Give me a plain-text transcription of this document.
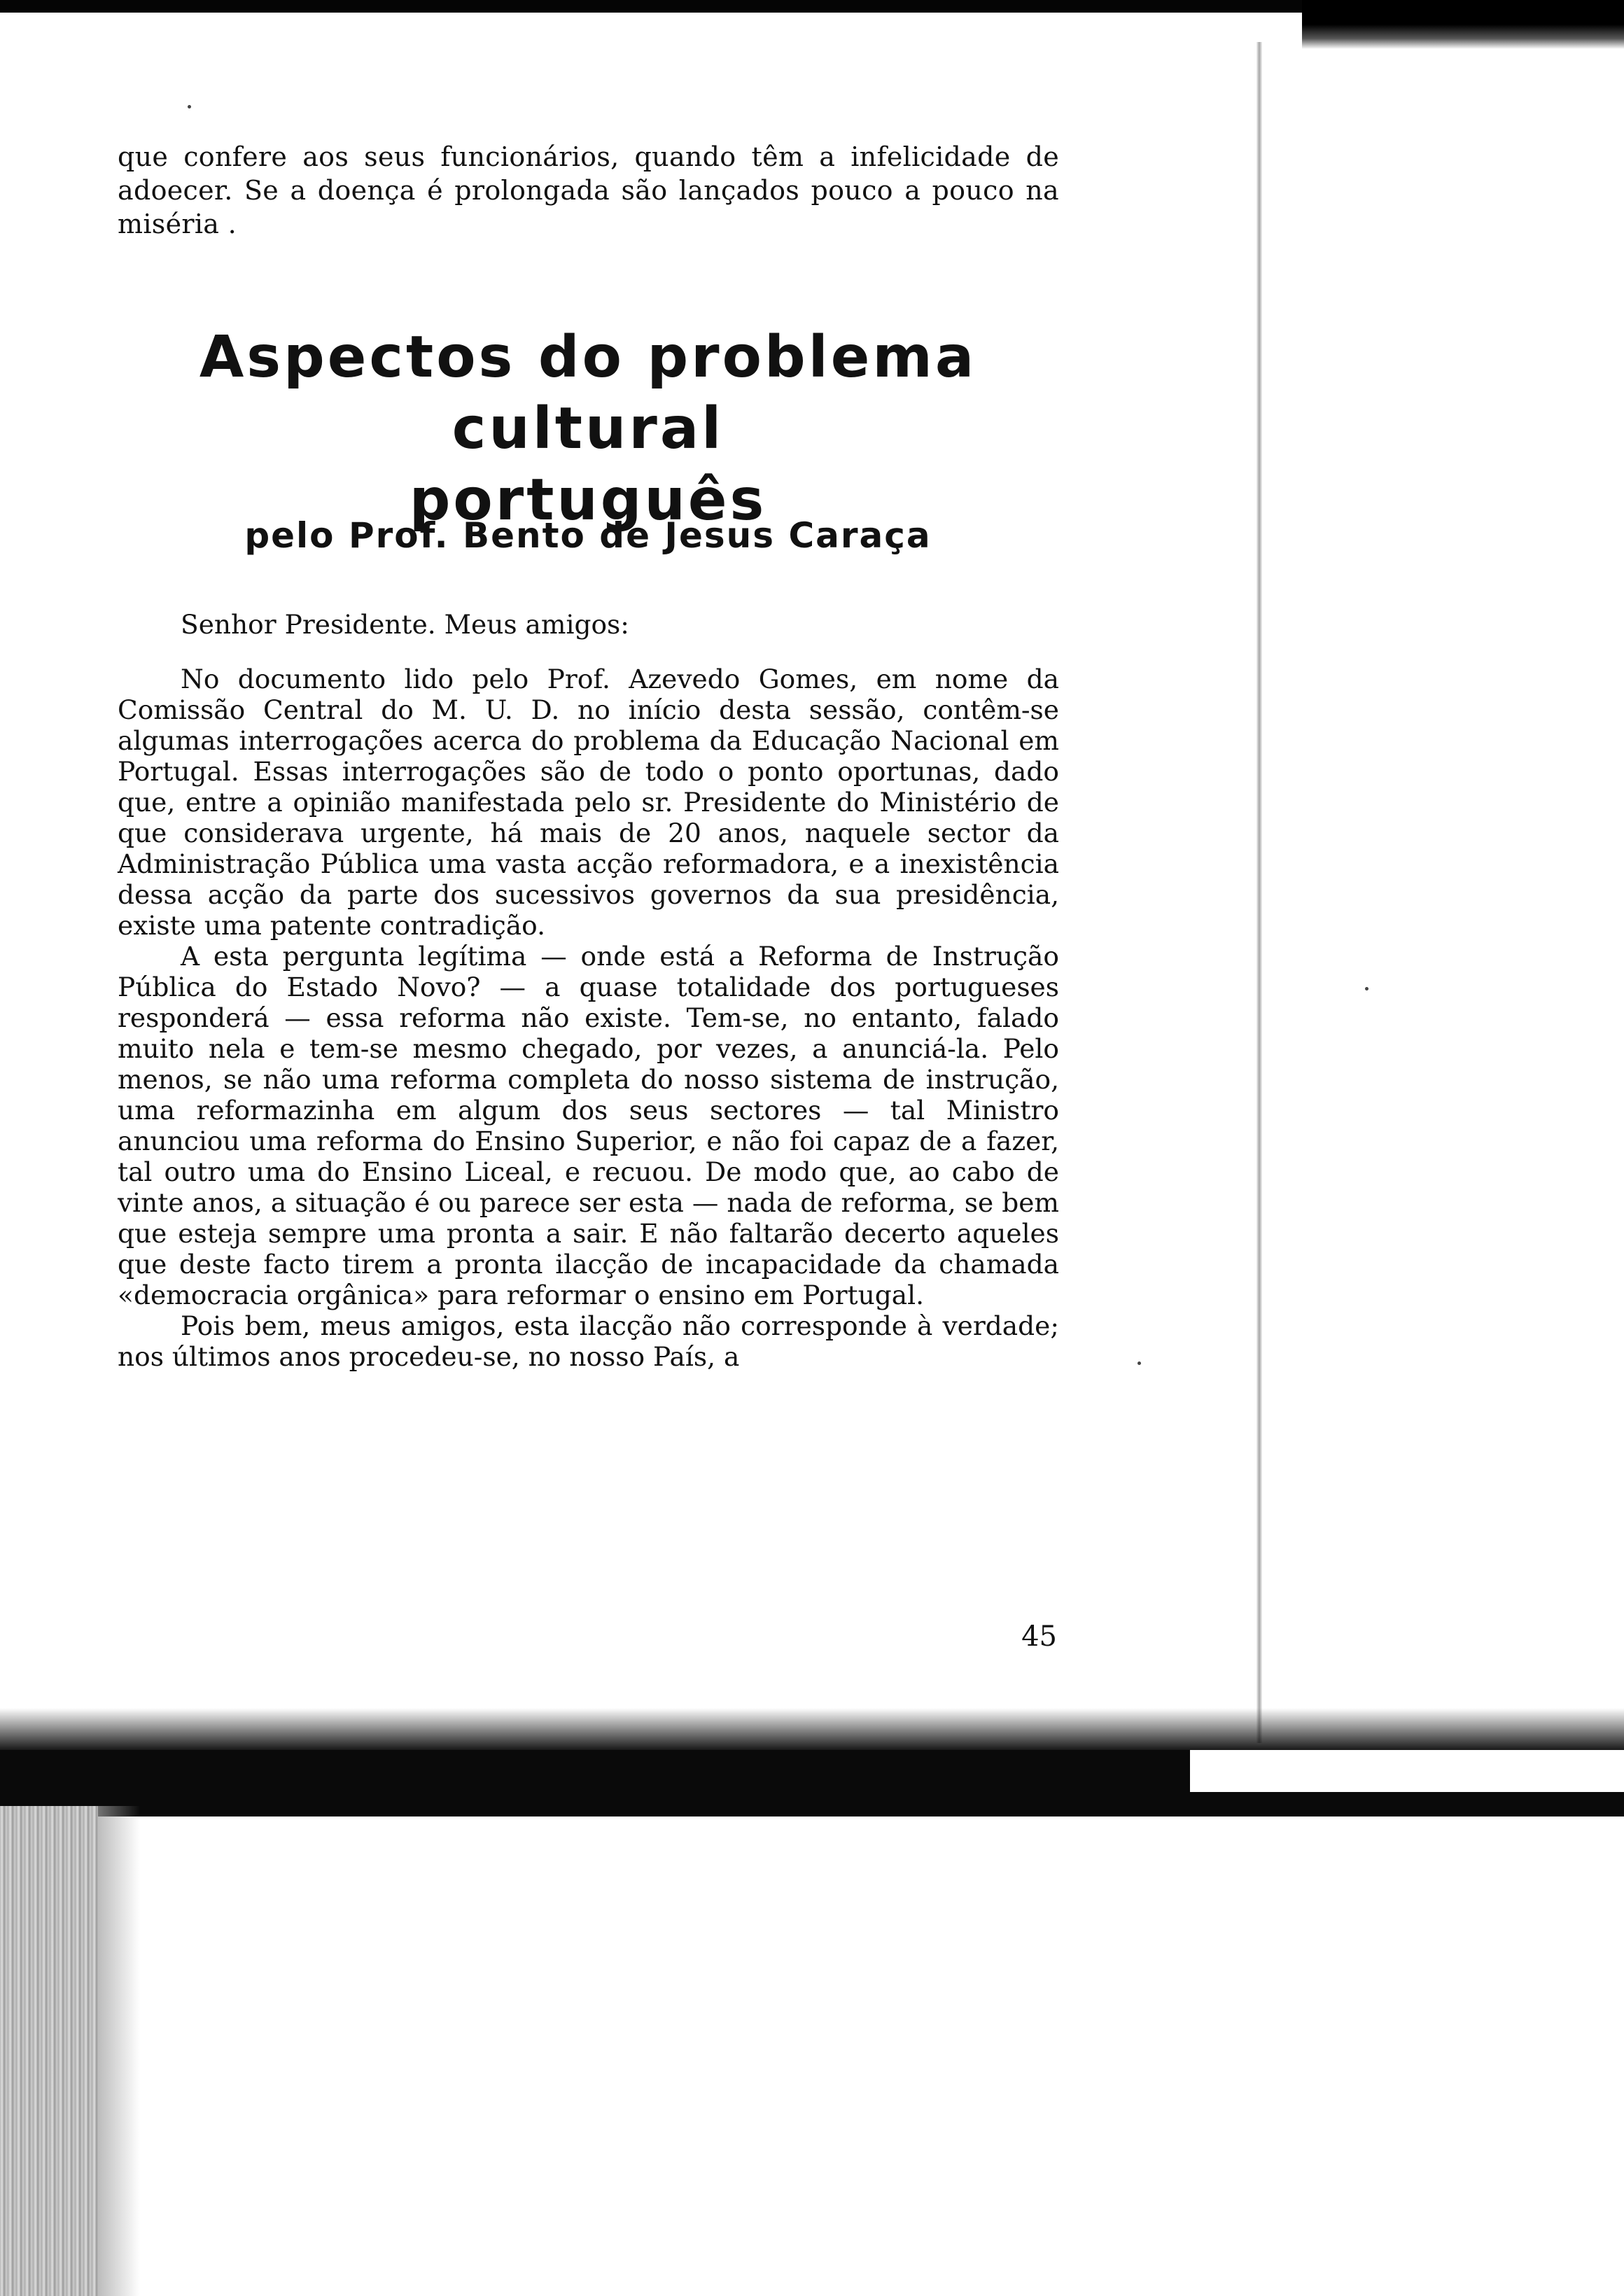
que confere aos seus funcionários, quando têm a infelicidade de adoecer. Se a doença é prolongada são lançados pouco a pouco na miséria .

Aspectos do problema cultural
português
pelo Prof. Bento de Jesus Caraça

Senhor Presidente. Meus amigos:

No documento lido pelo Prof. Azevedo Gomes, em nome da Comissão Central do M. U. D. no início desta sessão, contêm-se algumas interrogações acerca do problema da Educação Nacional em Portugal. Essas interrogações são de todo o ponto oportunas, dado que, entre a opinião manifestada pelo sr. Presidente do Ministério de que considerava urgente, há mais de 20 anos, naquele sector da Administração Pública uma vasta acção reformadora, e a inexistência dessa acção da parte dos sucessivos governos da sua presidência, existe uma patente contradição.

A esta pergunta legítima — onde está a Reforma de Instrução Pública do Estado Novo? — a quase totalidade dos portugueses responderá — essa reforma não existe. Tem-se, no entanto, falado muito nela e tem-se mesmo chegado, por vezes, a anunciá-la. Pelo menos, se não uma reforma completa do nosso sistema de instrução, uma reformazinha em algum dos seus sectores — tal Ministro anunciou uma reforma do Ensino Superior, e não foi capaz de a fazer, tal outro uma do Ensino Liceal, e recuou. De modo que, ao cabo de vinte anos, a situação é ou parece ser esta — nada de reforma, se bem que esteja sempre uma pronta a sair. E não faltarão decerto aqueles que deste facto tirem a pronta ilacção de incapacidade da chamada «democracia orgânica» para reformar o ensino em Portugal.

Pois bem, meus amigos, esta ilacção não corresponde à verdade; nos últimos anos procedeu-se, no nosso País, a

45
